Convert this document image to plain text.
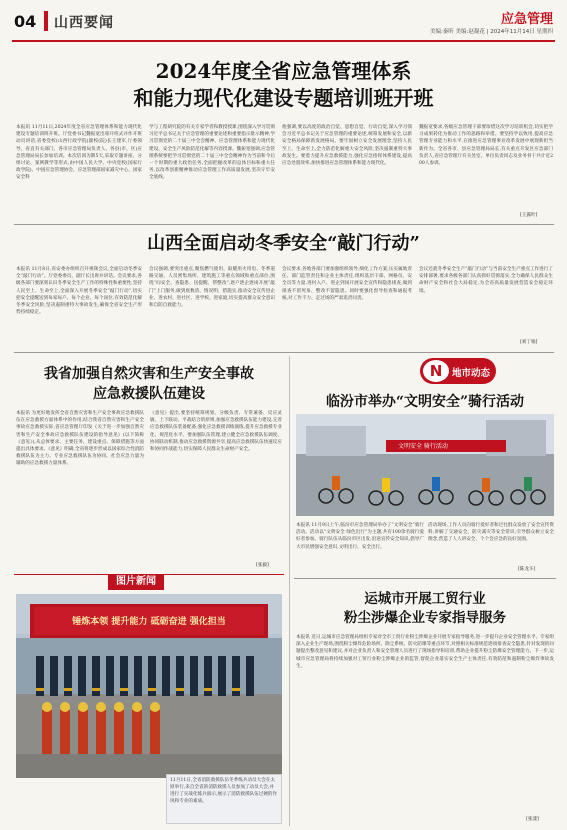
04 山西要闻	应急管理
美编:秦昕 美编:赵凝花 | 2024年11月14日 星期四
2024年度全省应急管理体系
和能力现代化建设专题培训班开班
本报讯 11月11日,2024年度全省应急管理体系和能力现代化建设专题培训班开班。厅党委书记魏振宽出席开班式并作开班动员讲话,省委党校(山西行政学院)副校(院)长王建军,厅委领导、省直有关部门、各市应急管理局负责人、各县(市、区)应急管理局局长参加培训。本次培训为期5天,采取专题讲座、分组讨论、案例教学等形式,由中国人民大学、中央党校(国家行政学院)、中国应急管理协会、应急管理部国家减灾中心、国家安全科
学与工程研究院的有关专家学者和教授授课,围绕深入学习贯彻习近平总书记关于应急管理的重要论述和重要指示批示精神,学习贯彻党的二十届三中全会精神、应急管理体系和能力现代化建设、安全生产风险防范化解等内容授课。魏振宽强调,应急管理系统要把学习贯彻党的二十届三中全会精神作为当前和今后一个时期的重大政治任务,全面把握改革的总体目标和重大任务,以改革创新精神推动应急管理工作高质量发展,坚决守牢安全底线。
他强调,要以高度的政治自觉、思想自觉、行动自觉,深入学习领会习近平总书记关于应急管理的重要论述,统筹发展和安全,以新安全格局保障新发展格局。要牢固树立安全发展理念,坚持人民至上、生命至上,全力防范化解重大安全风险,坚决遏制重特大事故发生。要着力提升应急救援能力,强化应急指挥体系建设,提高应急处置效率,加快推进应急管理体系和能力现代化。
魏振宽要求,各级应急管理干部要珍惜这次学习培训机会,切实把学习成果转化为推动工作的思路和举措。要坚持学以致用,提高应急管理专业能力和水平,在推进应急管理事业改革发展中展现新担当新作为。全省各市、县应急管理局局长,有关重点开发区应急部门负责人,省应急管理厅有关处室、单位负责同志及业务骨干共计近200人参训。
[王露叶]
山西全面启动冬季安全“敲门行动”
本报讯 11月8日,省安委办组织召开视频会议,全面启动冬季安全“敲门行动”。厅党委委员、副厅长出席并讲话。会议要求,各级各部门要深刻认识冬季安全生产工作的特殊性和重要性,坚持人民至上、生命至上,全面深入开展冬季安全“敲门行动”,切实把安全提醒送到每家每户、每个企业、每个岗位,有效防范化解冬季安全风险,坚决遏制重特大事故发生,确保全省安全生产形势持续稳定。
会议强调,要突出重点,聚焦燃气使用、取暖用火用电、冬季道路交通、人员密集场所、建筑施工等重点领域和重点部位,围绕“问安全、查隐患、送提醒、帮整改”,逐户逐企逐岗开展“敲门”上门服务,做到底数清、情况明、措施实,推动安全宣传进企业、进农村、进社区、进学校、进家庭,切实提高群众安全意识和自防自救能力。
会议要求,各地各部门要加强组织领导,细化工作方案,压实属地责任、部门监管责任和企业主体责任,组织基层干部、网格员、安全员等力量,进村入户、进企到岗开展安全宣传和隐患排查,做到排查不留死角、整改不留隐患。同时要强化督导检查和通报考核,对工作不力、走过场的严肃追责问责。
会议还就冬季安全生产“敲门行动”与当前安全生产重点工作进行了安排部署,要求各级各部门认真抓好贯彻落实,全力确保人民群众生命财产安全和社会大局稳定,为全省高质量发展营造安全稳定环境。
[刘丁娟]
我省加强自然灾害和生产安全事故
应急救援队伍建设
本报讯 为更好地发挥全省自然灾害和生产安全事故应急救援队伍在应急救援方面体系中的作用,结合我省自然灾害和生产安全事故应急救援实际,省应急管理厅印发《关于进一步加强自然灾害和生产安全事故应急救援队伍建设的指导意见》(以下简称《意见》),从总体要求、主要任务、建设重点、保障措施等方面提出具体要求。《意见》明确,全省将逐步形成以国家综合性消防救援队伍为主力、专业应急救援队伍为协同、社会应急力量为辅助的应急救援力量体系。
《意见》提出,要坚持统筹规划、分级负责、专常兼备、反应灵敏、上下联动、平战结合的原则,加强应急救援队伍能力建设,完善应急救援队伍装备配备,强化应急救援训练演练,提升应急救援专业化、规范化水平。要加强队伍管理,建立健全应急救援队伍调度、协同联动机制,推动应急救援资源共享,提高应急救援队伍快速反应和协同作战能力,切实保障人民群众生命财产安全。
[张毅]
N	地市动态
临汾市举办“文明安全”骑行活动
文明安全 骑行活动
本报讯 11月9日上午,临汾市应急管理局举办了“文明安全”骑行活动。活动以“文明安全 绿色出行”为主题,共有100余名骑行爱好者参加。骑行队伍从临汾市区出发,沿途宣传安全知识,倡导广大市民增强安全意识,文明出行、安全出行。
活动现场,工作人员向骑行爱好者和过往群众发放了安全宣传资料,讲解了交通安全、防灾减灾等安全常识,引导群众树立安全理念,营造了人人讲安全、个个会应急的良好氛围。
[陈龙斗]
运城市开展工贸行业
粉尘涉爆企业专家指导服务
本报讯 近日,运城市应急管理局组织专家对全市工贸行业粉尘涉爆企业开展专家指导服务,进一步提升企业安全管理水平。专家组深入企业生产现场,围绕粉尘爆炸危险场所、除尘系统、防火防爆等重点环节,对照相关标准规范逐项排查安全隐患,针对发现的问题提出整改意见和建议,并对企业负责人和安全管理人员进行了现场指导和培训,帮助企业提升粉尘防爆安全管理能力。下一步,运城市应急管理局将持续加强对工贸行业粉尘涉爆企业的监管,督促企业落实安全生产主体责任,有效防范和遏制粉尘爆炸事故发生。
[张漾]
图片新闻
锤炼本领 提升能力 砥砺奋进 强化担当
11月11日,全省消防救援队伍冬季练兵动员大会在太原举行,来自全省的消防救援人员参加了动员大会,并进行了实战化练兵演示,展示了消防救援队伍过硬的作风和专业的素质。
